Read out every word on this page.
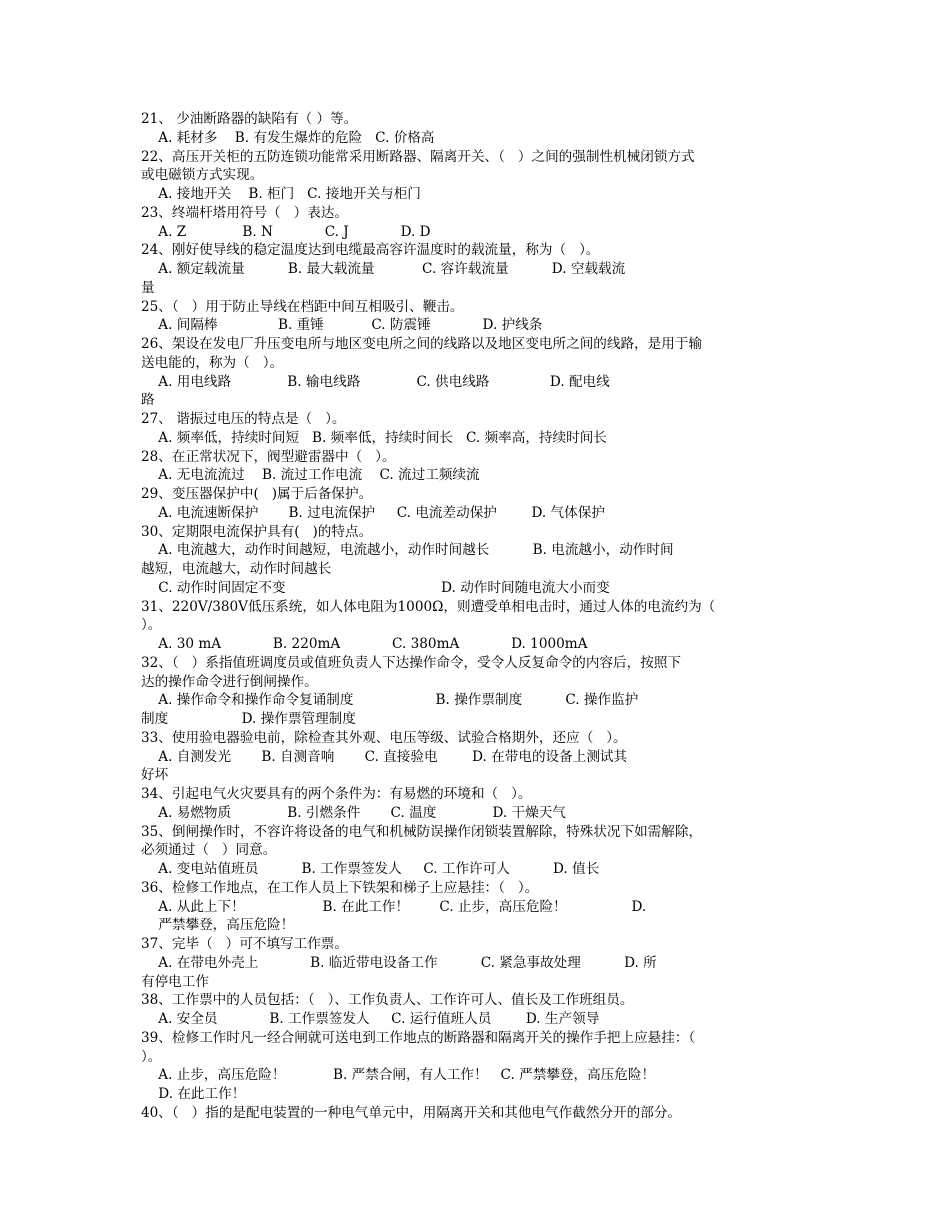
21、 少油断路器的缺陷有（ ）等。
A. 耗材多    B. 有发生爆炸的危险   C. 价格高
22、高压开关柜的五防连锁功能常采用断路器、隔离开关、（   ）之间的强制性机械闭锁方式
或电磁锁方式实现。
A. 接地开关    B. 柜门   C. 接地开关与柜门
23、终端杆塔用符号（   ）表达。
A. Z             B. N            C. J            D. D
24、刚好使导线的稳定温度达到电缆最高容许温度时的载流量，称为（   ）。
A. 额定载流量          B. 最大载流量           C. 容许载流量          D. 空载载流
量
25、（   ）用于防止导线在档距中间互相吸引、鞭击。
A. 间隔棒              B. 重锤           C. 防震锤            D. 护线条
26、架设在发电厂升压变电所与地区变电所之间的线路以及地区变电所之间的线路，是用于输
送电能的，称为（   ）。
A. 用电线路             B. 输电线路             C. 供电线路              D. 配电线
路
27、 谐振过电压的特点是（   ）。
A. 频率低，持续时间短   B. 频率低，持续时间长   C. 频率高，持续时间长
28、在正常状况下，阀型避雷器中（   ）。
A. 无电流流过    B. 流过工作电流    C. 流过工频续流
29、变压器保护中(   )属于后备保护。
A. 电流速断保护       B. 过电流保护     C. 电流差动保护        D. 气体保护
30、定期限电流保护具有(   )的特点。
A. 电流越大，动作时间越短，电流越小，动作时间越长          B. 电流越小，动作时间
越短，电流越大，动作时间越长
C. 动作时间固定不变                                    D. 动作时间随电流大小而变
31、220V/380V低压系统，如人体电阻为1000Ω，则遭受单相电击时，通过人体的电流约为（
）。
A. 30 mA            B. 220mA            C. 380mA            D. 1000mA
32、（   ）系指值班调度员或值班负责人下达操作命令，受令人反复命令的内容后，按照下
达的操作命令进行倒闸操作。
A. 操作命令和操作命令复诵制度                   B. 操作票制度          C. 操作监护
制度                 D. 操作票管理制度
33、使用验电器验电前，除检查其外观、电压等级、试验合格期外，还应（   ）。
A. 自测发光       B. 自测音响       C. 直接验电        D. 在带电的设备上测试其
好坏
34、引起电气火灾要具有的两个条件为：有易燃的环境和（   ）。
A. 易燃物质             B. 引燃条件       C. 温度             D. 干燥天气
35、倒闸操作时，不容许将设备的电气和机械防误操作闭锁装置解除，特殊状况下如需解除，
必须通过（   ）同意。
A. 变电站值班员          B. 工作票签发人     C. 工作许可人          D. 值长
36、检修工作地点，在工作人员上下铁架和梯子上应悬挂：（   ）。
A. 从此上下！                  B. 在此工作！       C. 止步，高压危险！               D.
严禁攀登，高压危险！
37、完毕（   ）可不填写工作票。
A. 在带电外壳上            B. 临近带电设备工作          C. 紧急事故处理          D. 所
有停电工作
38、工作票中的人员包括：（   ）、工作负责人、工作许可人、值长及工作班组员。
A. 安全员            B. 工作票签发人     C. 运行值班人员        D. 生产领导
39、检修工作时凡一经合闸就可送电到工作地点的断路器和隔离开关的操作手把上应悬挂：（
）。
A. 止步，高压危险！           B. 严禁合闸，有人工作！   C. 严禁攀登，高压危险！
D. 在此工作！
40、（   ）指的是配电装置的一种电气单元中，用隔离开关和其他电气作截然分开的部分。
